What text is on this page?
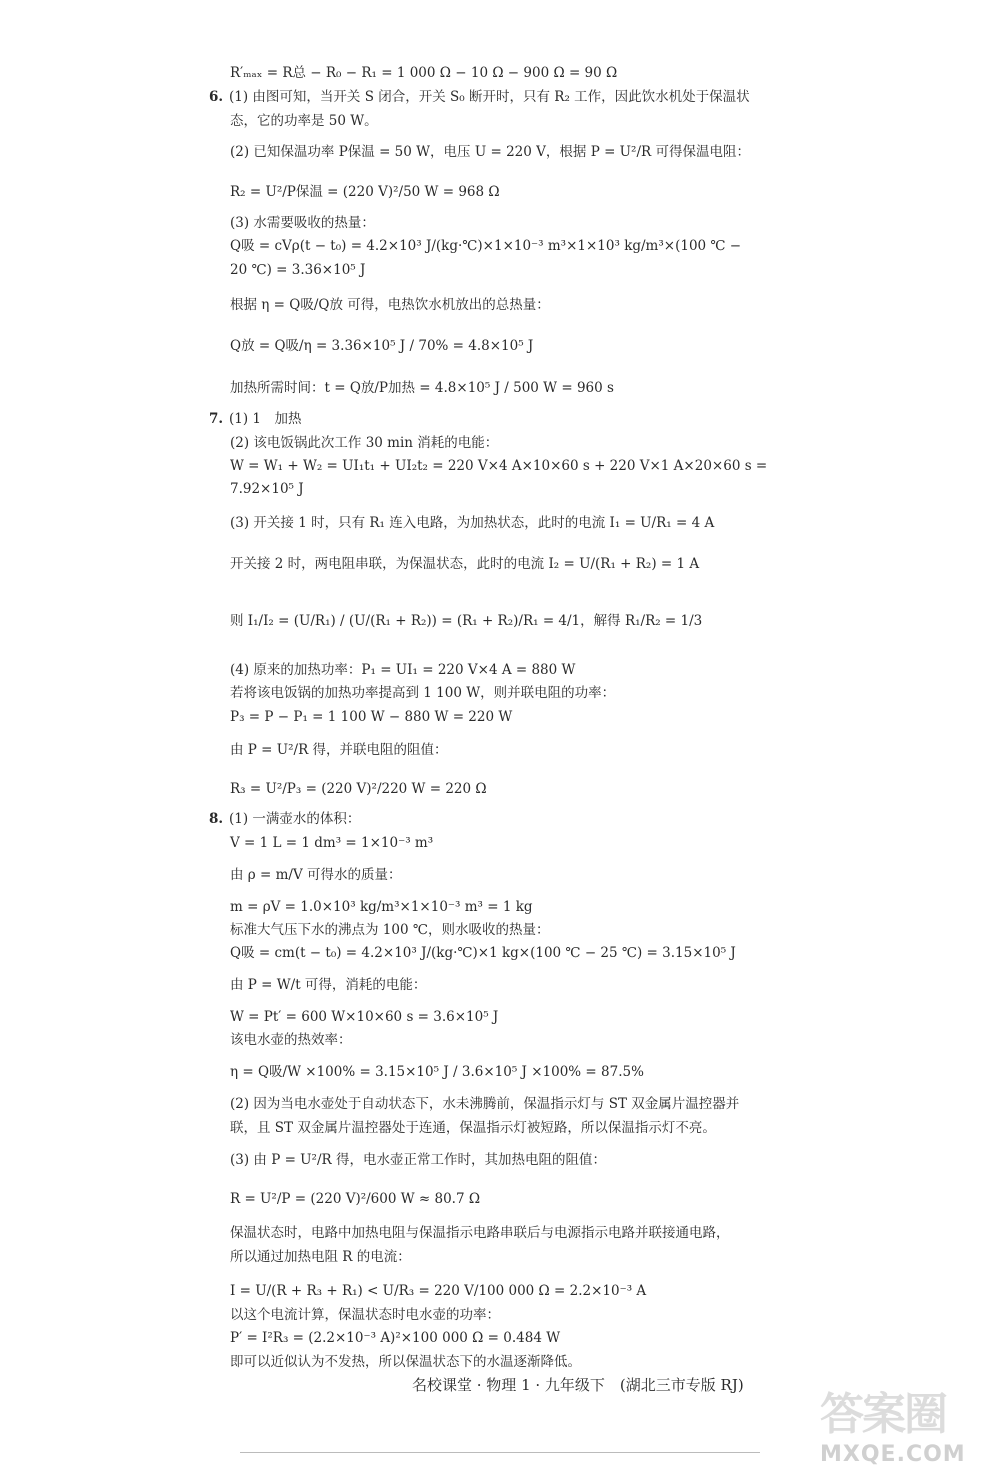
R′ₘₐₓ = R总 − R₀ − R₁ = 1 000 Ω − 10 Ω − 900 Ω = 90 Ω
6. (1) 由图可知，当开关 S 闭合，开关 S₀ 断开时，只有 R₂ 工作，因此饮水机处于保温状
态，它的功率是 50 W。
(2) 已知保温功率 P保温 = 50 W，电压 U = 220 V，根据 P = U²/R 可得保温电阻：
R₂ = U²/P保温 = (220 V)²/50 W = 968 Ω
(3) 水需要吸收的热量：
Q吸 = cVρ(t − t₀) = 4.2×10³ J/(kg·℃)×1×10⁻³ m³×1×10³ kg/m³×(100 ℃ −
20 ℃) = 3.36×10⁵ J
根据 η = Q吸/Q放 可得，电热饮水机放出的总热量：
Q放 = Q吸/η = 3.36×10⁵ J / 70% = 4.8×10⁵ J
加热所需时间：t = Q放/P加热 = 4.8×10⁵ J / 500 W = 960 s
7. (1) 1　加热
(2) 该电饭锅此次工作 30 min 消耗的电能：
W = W₁ + W₂ = UI₁t₁ + UI₂t₂ = 220 V×4 A×10×60 s + 220 V×1 A×20×60 s =
7.92×10⁵ J
(3) 开关接 1 时，只有 R₁ 连入电路，为加热状态，此时的电流 I₁ = U/R₁ = 4 A
开关接 2 时，两电阻串联，为保温状态，此时的电流 I₂ = U/(R₁ + R₂) = 1 A
则 I₁/I₂ = (U/R₁) / (U/(R₁ + R₂)) = (R₁ + R₂)/R₁ = 4/1，解得 R₁/R₂ = 1/3
(4) 原来的加热功率：P₁ = UI₁ = 220 V×4 A = 880 W
若将该电饭锅的加热功率提高到 1 100 W，则并联电阻的功率：
P₃ = P − P₁ = 1 100 W − 880 W = 220 W
由 P = U²/R 得，并联电阻的阻值：
R₃ = U²/P₃ = (220 V)²/220 W = 220 Ω
8. (1) 一满壶水的体积：
V = 1 L = 1 dm³ = 1×10⁻³ m³
由 ρ = m/V 可得水的质量：
m = ρV = 1.0×10³ kg/m³×1×10⁻³ m³ = 1 kg
标准大气压下水的沸点为 100 ℃，则水吸收的热量：
Q吸 = cm(t − t₀) = 4.2×10³ J/(kg·℃)×1 kg×(100 ℃ − 25 ℃) = 3.15×10⁵ J
由 P = W/t 可得，消耗的电能：
W = Pt′ = 600 W×10×60 s = 3.6×10⁵ J
该电水壶的热效率：
η = Q吸/W ×100% = 3.15×10⁵ J / 3.6×10⁵ J ×100% = 87.5%
(2) 因为当电水壶处于自动状态下，水未沸腾前，保温指示灯与 ST 双金属片温控器并
联，且 ST 双金属片温控器处于连通，保温指示灯被短路，所以保温指示灯不亮。
(3) 由 P = U²/R 得，电水壶正常工作时，其加热电阻的阻值：
R = U²/P = (220 V)²/600 W ≈ 80.7 Ω
保温状态时，电路中加热电阻与保温指示电路串联后与电源指示电路并联接通电路，
所以通过加热电阻 R 的电流：
I = U/(R + R₃ + R₁) < U/R₃ = 220 V/100 000 Ω = 2.2×10⁻³ A
以这个电流计算，保温状态时电水壶的功率：
P′ = I²R₃ = (2.2×10⁻³ A)²×100 000 Ω = 0.484 W
即可以近似认为不发热，所以保温状态下的水温逐渐降低。
名校课堂 · 物理 1 · 九年级下　(湖北三市专版 RJ)
答案圈
MXQE.COM
